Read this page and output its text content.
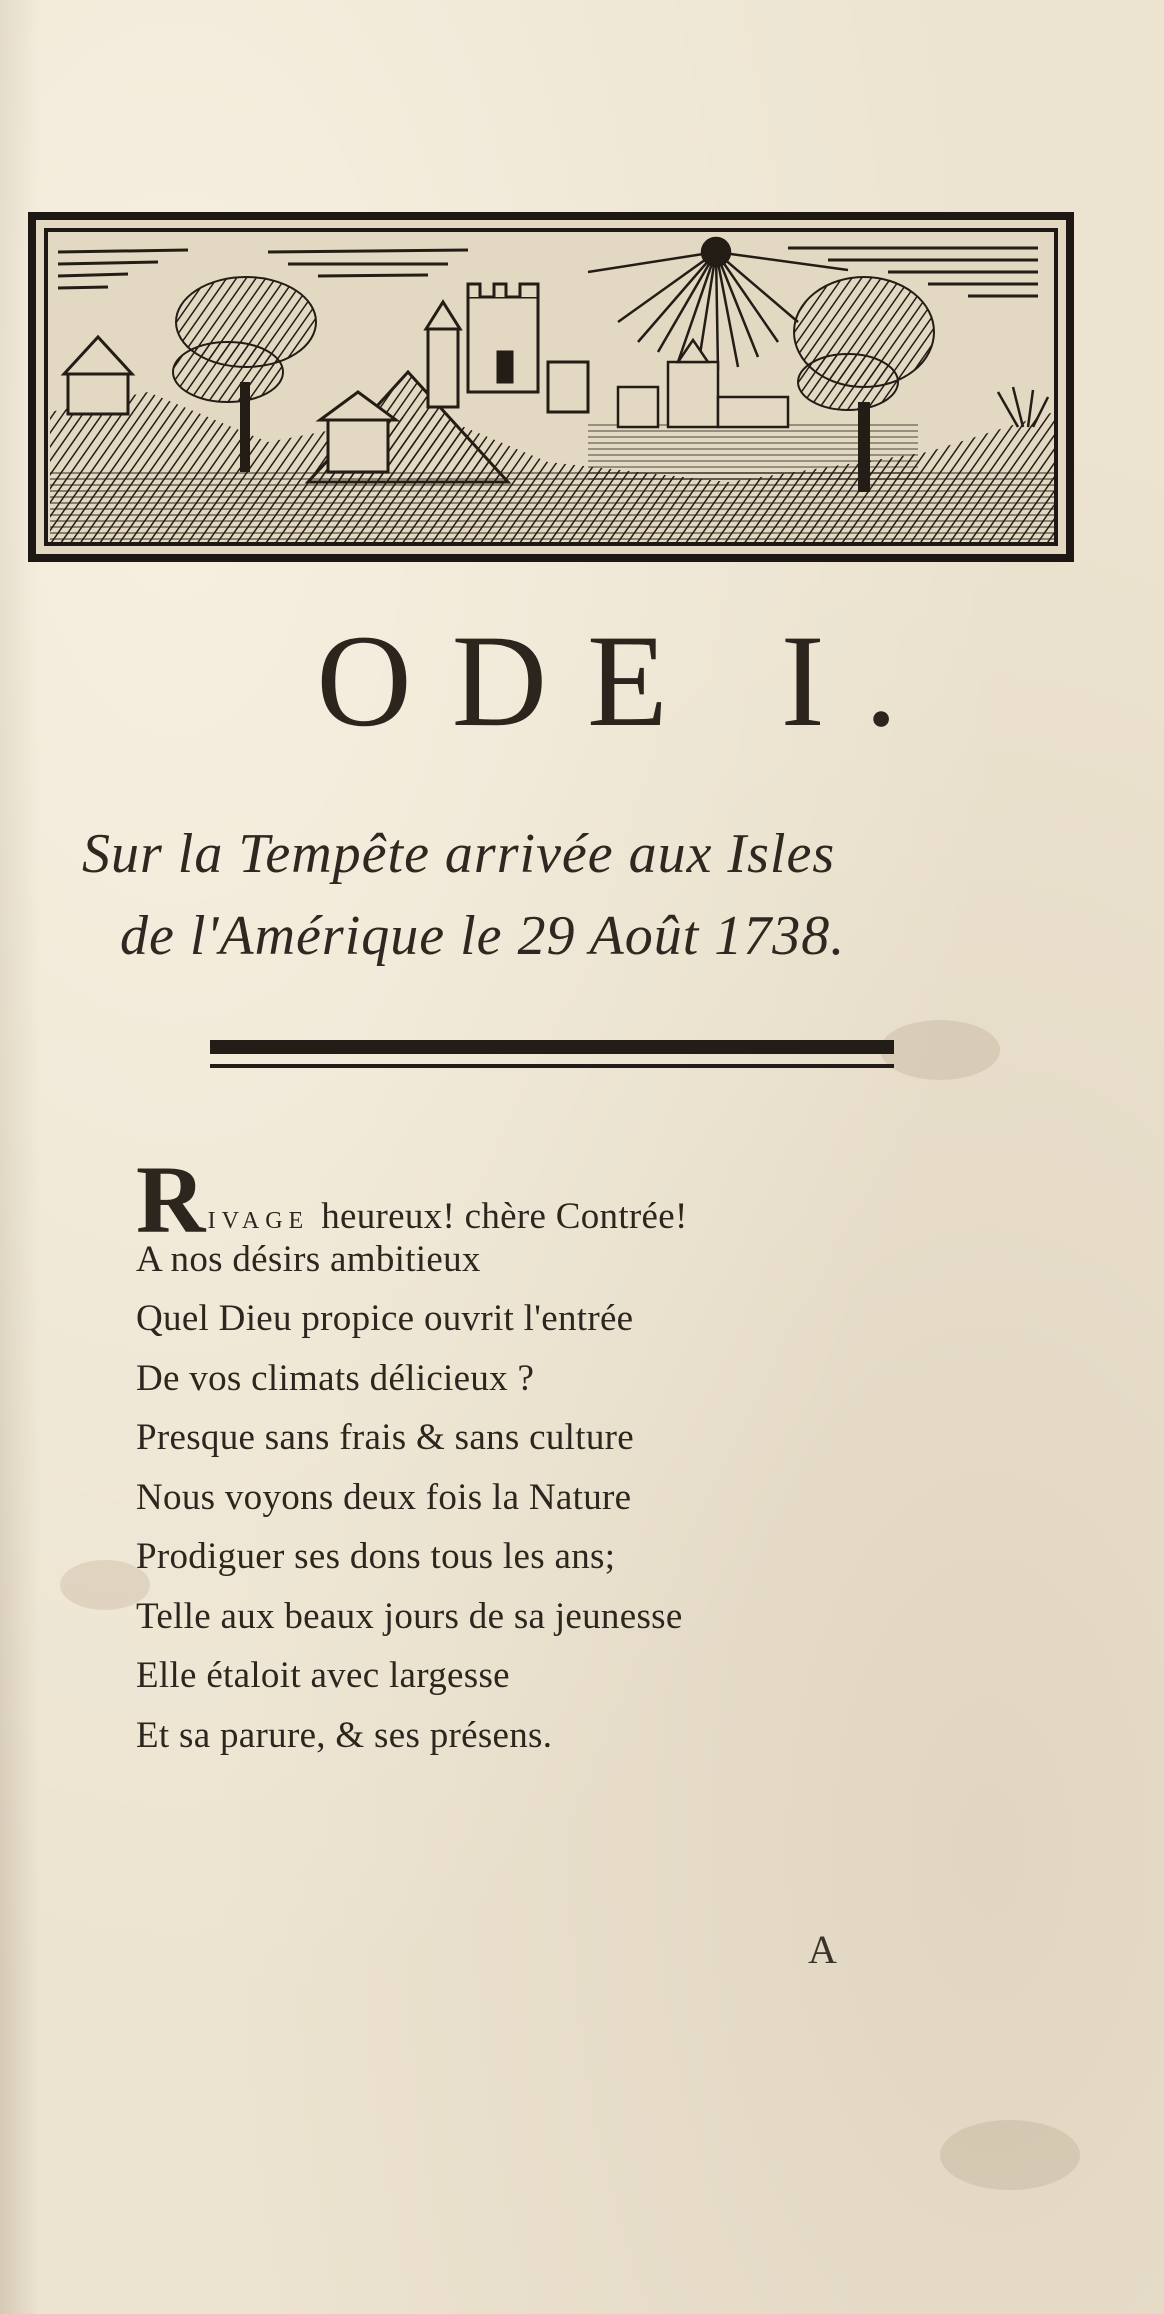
ODE I.
Sur la Tempête arrivée aux Isles
de l'Amérique le 29 Août 1738.
RIVAGE heureux! chère Contrée!
A nos désirs ambitieux
Quel Dieu propice ouvrit l'entrée
De vos climats délicieux ?
Presque sans frais & sans culture
Nous voyons deux fois la Nature
Prodiguer ses dons tous les ans;
Telle aux beaux jours de sa jeunesse
Elle étaloit avec largesse
Et sa parure, & ses présens.
A
